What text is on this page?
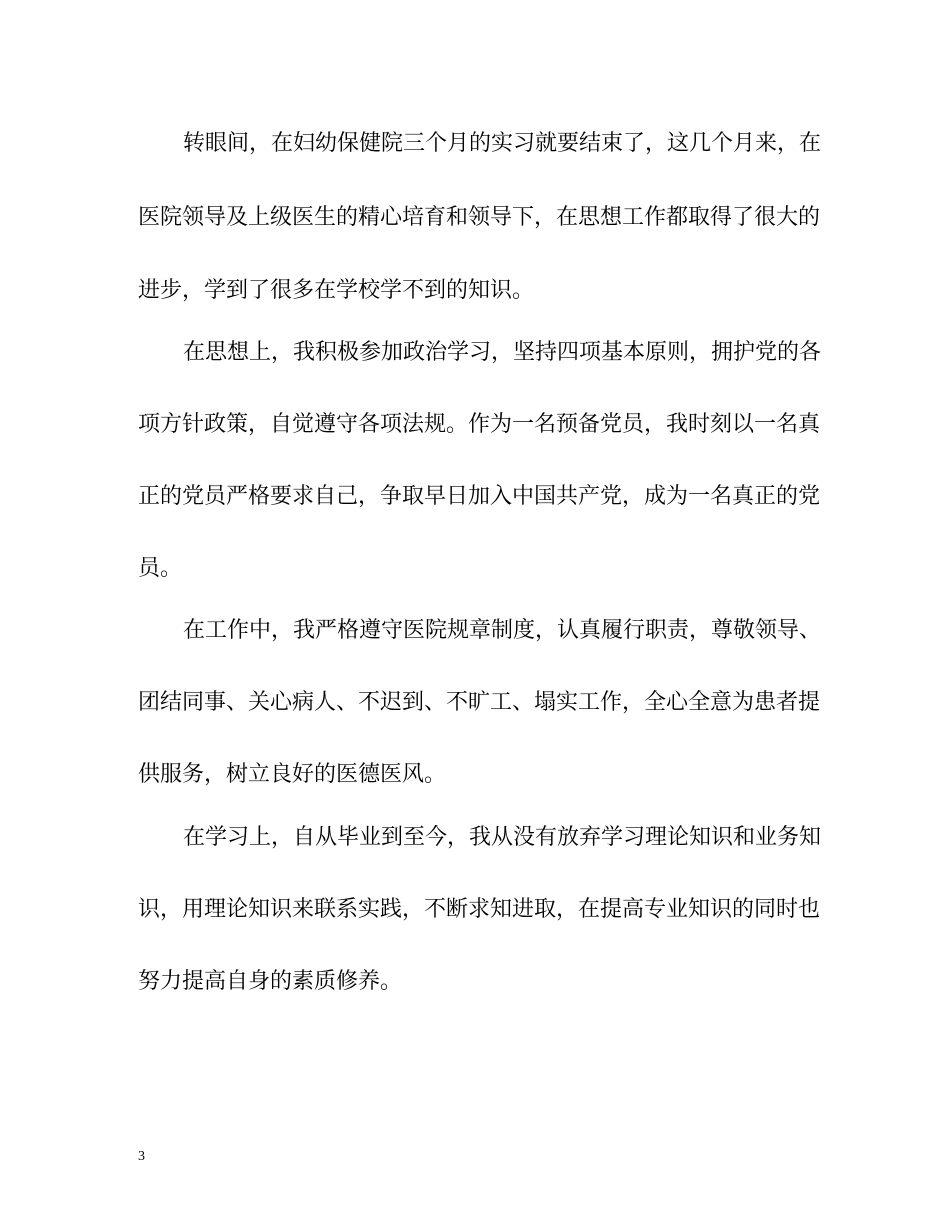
转眼间，在妇幼保健院三个月的实习就要结束了，这几个月来，在
医院领导及上级医生的精心培育和领导下，在思想工作都取得了很大的
进步，学到了很多在学校学不到的知识。
在思想上，我积极参加政治学习，坚持四项基本原则，拥护党的各
项方针政策，自觉遵守各项法规。作为一名预备党员，我时刻以一名真
正的党员严格要求自己，争取早日加入中国共产党，成为一名真正的党
员。
在工作中，我严格遵守医院规章制度，认真履行职责，尊敬领导、
团结同事、关心病人、不迟到、不旷工、塌实工作，全心全意为患者提
供服务，树立良好的医德医风。
在学习上，自从毕业到至今，我从没有放弃学习理论知识和业务知
识，用理论知识来联系实践，不断求知进取，在提高专业知识的同时也
努力提高自身的素质修养。
3
